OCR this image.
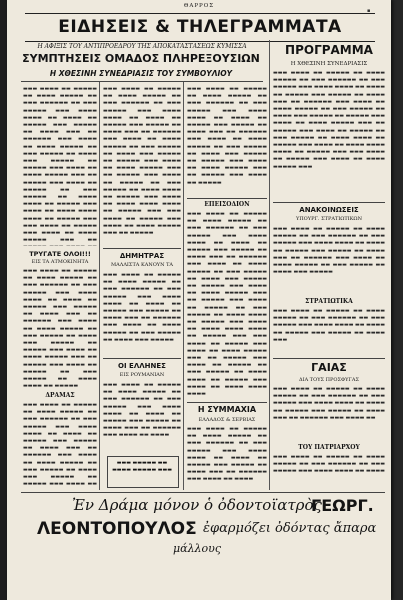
ΘΑΡΡΟΣ
▪
ΕΙΔΗΣΕΙΣ & ΤΗΛΕΓΡΑΜΜΑΤΑ
Η ΑΦΙΞΙΣ ΤΟΥ ΑΝΤΙΠΡΟΕΔΡΟΥ ΤΗΣ ΑΠΟΚΑΤΑΣΤΑΣΕΩΣ ΚΥΜΙΣΣΑ
ΣΥΜΠΤΗΣΕΙΣ ΟΜΑΔΟΣ ΠΛΗΡΕΞΟΥΣΙΩΝ
Η ΧΘΕΣΙΝΗ ΣΥΝΕΔΡΙΑΣΙΣ ΤΟΥ ΣΥΜΒΟΥΛΙΟΥ
ΠΡΟΓΡΑΜΜΑ
Η ΧΘΕΣΙΝΗ ΣΥΝΕΔΡΙΑΣΙΣ
▬▬▬ ▬▬▬▬ ▬▬ ▬▬▬▬▬ ▬▬ ▬▬▬▬ ▬▬▬▬▬ ▬▬ ▬▬▬ ▬▬▬▬▬▬ ▬▬ ▬▬▬ ▬▬▬▬▬ ▬▬▬ ▬▬▬▬ ▬▬▬▬ ▬▬ ▬▬▬▬ ▬▬ ▬▬▬▬▬ ▬▬▬ ▬▬▬▬▬ ▬▬ ▬▬▬▬ ▬▬▬ ▬▬ ▬▬▬▬▬▬ ▬▬▬ ▬▬▬▬ ▬▬ ▬▬▬▬ ▬▬▬▬▬ ▬▬ ▬▬▬ ▬▬▬▬▬ ▬▬ ▬▬▬▬ ▬▬▬ ▬▬▬▬▬ ▬▬ ▬▬▬▬▬ ▬▬▬ ▬▬▬▬ ▬▬ ▬▬▬▬ ▬▬▬▬▬ ▬▬▬ ▬▬ ▬▬▬▬▬ ▬▬▬ ▬▬▬▬ ▬▬ ▬▬▬▬▬ ▬▬ ▬▬▬ ▬▬▬▬▬ ▬▬ ▬▬▬▬ ▬▬▬▬ ▬▬ ▬▬▬▬▬ ▬▬▬ ▬▬▬▬ ▬▬ ▬▬▬▬ ▬▬▬▬ ▬▬▬▬ ▬▬ ▬▬▬▬▬ ▬▬▬ ▬▬▬ ▬▬▬▬ ▬▬ ▬▬▬▬▬ ▬▬▬ ▬▬▬▬ ▬▬ ▬▬▬▬ ▬▬▬▬▬ ▬▬▬ ▬▬
ΤΡΥΓΑΤΕ ΟΛΟΙ!!!
ΕΙΣ ΤΑ ΑΤΜΟΚΙΝΗΤΑ
▬▬▬ ▬▬▬▬ ▬▬ ▬▬▬▬▬ ▬▬ ▬▬▬▬ ▬▬▬▬▬ ▬▬ ▬▬▬ ▬▬▬▬▬▬ ▬▬ ▬▬▬ ▬▬▬▬▬ ▬▬▬ ▬▬▬▬ ▬▬▬▬ ▬▬ ▬▬▬▬ ▬▬ ▬▬▬▬▬ ▬▬▬ ▬▬▬▬▬ ▬▬ ▬▬▬▬ ▬▬▬ ▬▬ ▬▬▬▬▬▬ ▬▬▬ ▬▬▬▬ ▬▬ ▬▬▬▬ ▬▬▬▬▬ ▬▬ ▬▬▬ ▬▬▬▬▬ ▬▬ ▬▬▬▬ ▬▬▬ ▬▬▬▬▬ ▬▬ ▬▬▬▬▬ ▬▬▬ ▬▬▬▬ ▬▬ ▬▬▬▬ ▬▬▬▬▬ ▬▬▬ ▬▬ ▬▬▬▬▬ ▬▬▬ ▬▬▬▬ ▬▬ ▬▬▬▬▬ ▬▬ ▬▬▬ ▬▬▬▬▬ ▬▬ ▬▬▬▬ ▬▬▬▬ ▬▬ ▬▬▬▬▬
ΔΡΑΜΑΣ
▬▬▬ ▬▬▬▬ ▬▬ ▬▬▬▬▬ ▬▬ ▬▬▬▬ ▬▬▬▬▬ ▬▬ ▬▬▬ ▬▬▬▬▬▬ ▬▬ ▬▬▬ ▬▬▬▬▬ ▬▬▬ ▬▬▬▬ ▬▬▬▬ ▬▬ ▬▬▬▬ ▬▬ ▬▬▬▬▬ ▬▬▬ ▬▬▬▬▬ ▬▬ ▬▬▬▬ ▬▬▬ ▬▬ ▬▬▬▬▬▬ ▬▬▬ ▬▬▬▬ ▬▬ ▬▬▬▬ ▬▬▬▬▬ ▬▬ ▬▬▬ ▬▬▬▬▬ ▬▬ ▬▬▬▬ ▬▬▬ ▬▬▬▬▬ ▬▬ ▬▬▬▬▬ ▬▬▬ ▬▬▬▬ ▬▬
▬▬▬ ▬▬▬▬ ▬▬ ▬▬▬▬▬ ▬▬ ▬▬▬▬ ▬▬▬▬▬ ▬▬ ▬▬▬ ▬▬▬▬▬▬ ▬▬ ▬▬▬ ▬▬▬▬▬ ▬▬▬ ▬▬▬▬ ▬▬▬▬ ▬▬ ▬▬▬▬ ▬▬ ▬▬▬▬▬ ▬▬▬ ▬▬▬▬▬ ▬▬ ▬▬▬▬ ▬▬▬ ▬▬ ▬▬▬▬▬▬ ▬▬▬ ▬▬▬▬ ▬▬ ▬▬▬▬ ▬▬▬▬▬ ▬▬ ▬▬▬ ▬▬▬▬▬ ▬▬ ▬▬▬▬ ▬▬▬ ▬▬▬▬▬ ▬▬ ▬▬▬▬▬ ▬▬▬ ▬▬▬▬ ▬▬ ▬▬▬▬ ▬▬▬▬▬ ▬▬▬ ▬▬ ▬▬▬▬▬ ▬▬▬ ▬▬▬▬ ▬▬ ▬▬▬▬▬ ▬▬ ▬▬▬ ▬▬▬▬▬ ▬▬ ▬▬▬▬ ▬▬▬▬ ▬▬ ▬▬▬▬▬ ▬▬▬ ▬▬▬▬ ▬▬ ▬▬▬▬ ▬▬▬▬ ▬▬▬▬ ▬▬ ▬▬▬▬▬ ▬▬▬ ▬▬▬ ▬▬▬▬ ▬▬ ▬▬▬▬▬ ▬▬▬ ▬▬▬▬ ▬▬ ▬▬▬▬ ▬▬▬▬▬ ▬▬▬ ▬▬ ▬▬▬▬▬
ΔΗΜΗΤΡΑΣ
ΜΑΛΛΙΣΤΑ ΚΑΝΟΥΝ ΤΑ
▬▬▬ ▬▬▬▬ ▬▬ ▬▬▬▬▬ ▬▬ ▬▬▬▬ ▬▬▬▬▬ ▬▬ ▬▬▬ ▬▬▬▬▬▬ ▬▬ ▬▬▬ ▬▬▬▬▬ ▬▬▬ ▬▬▬▬ ▬▬▬▬ ▬▬ ▬▬▬▬ ▬▬ ▬▬▬▬▬ ▬▬▬ ▬▬▬▬▬ ▬▬ ▬▬▬▬ ▬▬▬ ▬▬ ▬▬▬▬▬▬ ▬▬▬ ▬▬▬▬ ▬▬ ▬▬▬▬ ▬▬▬▬▬ ▬▬ ▬▬▬ ▬▬▬▬▬ ▬▬ ▬▬▬▬ ▬▬▬ ▬▬▬▬▬
ΟΙ ΕΛΛΗΝΕΣ
ΕΙΣ ΡΟΥΜΑΝΙΑΝ
▬▬▬ ▬▬▬▬ ▬▬ ▬▬▬▬▬ ▬▬ ▬▬▬▬ ▬▬▬▬▬ ▬▬ ▬▬▬ ▬▬▬▬▬▬ ▬▬ ▬▬▬ ▬▬▬▬▬ ▬▬▬ ▬▬▬▬ ▬▬▬▬ ▬▬ ▬▬▬▬ ▬▬ ▬▬▬▬▬ ▬▬▬ ▬▬▬▬▬ ▬▬ ▬▬▬▬ ▬▬▬ ▬▬ ▬▬▬▬▬▬ ▬▬▬ ▬▬▬▬ ▬▬ ▬▬▬▬
▬▬▬ ▬▬▬▬▬ ▬▬ ▬▬▬▬ ▬▬▬▬▬ ▬▬▬
▬▬▬ ▬▬▬▬ ▬▬ ▬▬▬▬▬ ▬▬ ▬▬▬▬ ▬▬▬▬▬ ▬▬ ▬▬▬ ▬▬▬▬▬▬ ▬▬ ▬▬▬ ▬▬▬▬▬ ▬▬▬ ▬▬▬▬ ▬▬▬▬ ▬▬ ▬▬▬▬ ▬▬ ▬▬▬▬▬ ▬▬▬ ▬▬▬▬▬ ▬▬ ▬▬▬▬ ▬▬▬ ▬▬ ▬▬▬▬▬▬ ▬▬▬ ▬▬▬▬ ▬▬ ▬▬▬▬ ▬▬▬▬▬ ▬▬ ▬▬▬ ▬▬▬▬▬ ▬▬ ▬▬▬▬ ▬▬▬ ▬▬▬▬▬ ▬▬ ▬▬▬▬▬ ▬▬▬ ▬▬▬▬ ▬▬ ▬▬▬▬ ▬▬▬▬▬ ▬▬▬ ▬▬ ▬▬▬▬▬ ▬▬▬ ▬▬▬▬ ▬▬ ▬▬▬▬▬
ΕΠΕΙΣΟΔΙΟΝ
▬▬▬ ▬▬▬▬ ▬▬ ▬▬▬▬▬ ▬▬ ▬▬▬▬ ▬▬▬▬▬ ▬▬ ▬▬▬ ▬▬▬▬▬▬ ▬▬ ▬▬▬ ▬▬▬▬▬ ▬▬▬ ▬▬▬▬ ▬▬▬▬ ▬▬ ▬▬▬▬ ▬▬ ▬▬▬▬▬ ▬▬▬ ▬▬▬▬▬ ▬▬ ▬▬▬▬ ▬▬▬ ▬▬ ▬▬▬▬▬▬ ▬▬▬ ▬▬▬▬ ▬▬ ▬▬▬▬ ▬▬▬▬▬ ▬▬ ▬▬▬ ▬▬▬▬▬ ▬▬ ▬▬▬▬ ▬▬▬ ▬▬▬▬▬ ▬▬ ▬▬▬▬▬ ▬▬▬ ▬▬▬▬ ▬▬ ▬▬▬▬ ▬▬▬▬▬ ▬▬▬ ▬▬ ▬▬▬▬▬ ▬▬▬ ▬▬▬▬ ▬▬ ▬▬▬▬▬ ▬▬ ▬▬▬ ▬▬▬▬▬ ▬▬ ▬▬▬▬ ▬▬▬▬ ▬▬ ▬▬▬▬▬ ▬▬▬ ▬▬▬▬ ▬▬ ▬▬▬▬ ▬▬▬▬ ▬▬▬▬ ▬▬ ▬▬▬▬▬ ▬▬▬ ▬▬▬ ▬▬▬▬ ▬▬ ▬▬▬▬▬ ▬▬▬ ▬▬▬▬ ▬▬ ▬▬▬▬ ▬▬▬▬▬ ▬▬▬ ▬▬ ▬▬▬▬▬ ▬▬▬ ▬▬▬▬ ▬▬ ▬▬▬▬▬ ▬▬ ▬▬▬ ▬▬▬▬▬ ▬▬ ▬▬▬▬ ▬▬▬▬ ▬▬ ▬▬▬▬▬ ▬▬▬ ▬▬▬▬ ▬▬ ▬▬▬▬ ▬▬▬▬ ▬▬▬▬
Η ΣΥΜΜΑΧΙΑ
ΕΛΛΑΔΟΣ & ΣΕΡΒΙΑΣ
▬▬▬ ▬▬▬▬ ▬▬ ▬▬▬▬▬ ▬▬ ▬▬▬▬ ▬▬▬▬▬ ▬▬ ▬▬▬ ▬▬▬▬▬▬ ▬▬ ▬▬▬ ▬▬▬▬▬ ▬▬▬ ▬▬▬▬ ▬▬▬▬ ▬▬ ▬▬▬▬ ▬▬ ▬▬▬▬▬ ▬▬▬ ▬▬▬▬▬ ▬▬ ▬▬▬▬ ▬▬▬ ▬▬ ▬▬▬▬▬▬ ▬▬▬ ▬▬▬▬ ▬▬ ▬▬▬▬
▬▬▬ ▬▬▬▬ ▬▬ ▬▬▬▬▬ ▬▬ ▬▬▬▬ ▬▬▬▬▬ ▬▬ ▬▬▬ ▬▬▬▬▬▬ ▬▬ ▬▬▬ ▬▬▬▬▬ ▬▬▬ ▬▬▬▬ ▬▬▬▬ ▬▬ ▬▬▬▬ ▬▬ ▬▬▬▬▬ ▬▬▬ ▬▬▬▬▬ ▬▬ ▬▬▬▬ ▬▬▬ ▬▬ ▬▬▬▬▬▬ ▬▬▬ ▬▬▬▬ ▬▬ ▬▬▬▬ ▬▬▬▬▬ ▬▬ ▬▬▬ ▬▬▬▬▬ ▬▬ ▬▬▬▬ ▬▬▬ ▬▬▬▬▬ ▬▬ ▬▬▬▬▬ ▬▬▬ ▬▬▬▬ ▬▬ ▬▬▬▬ ▬▬▬▬▬ ▬▬▬ ▬▬ ▬▬▬▬▬ ▬▬▬ ▬▬▬▬ ▬▬ ▬▬▬▬▬ ▬▬ ▬▬▬ ▬▬▬▬▬ ▬▬ ▬▬▬▬ ▬▬▬▬ ▬▬ ▬▬▬▬▬ ▬▬▬ ▬▬▬▬ ▬▬ ▬▬▬▬ ▬▬▬▬ ▬▬▬▬ ▬▬ ▬▬▬▬▬ ▬▬▬ ▬▬▬ ▬▬▬▬ ▬▬ ▬▬▬▬▬ ▬▬▬ ▬▬▬▬ ▬▬ ▬▬▬▬ ▬▬▬▬▬ ▬▬▬
ΑΝΑΚΟΙΝΩΣΕΙΣ
ΥΠΟΥΡΓ. ΣΤΡΑΤΙΩΤΙΚΩΝ
▬▬▬ ▬▬▬▬ ▬▬ ▬▬▬▬▬ ▬▬ ▬▬▬▬ ▬▬▬▬▬ ▬▬ ▬▬▬ ▬▬▬▬▬▬ ▬▬ ▬▬▬ ▬▬▬▬▬ ▬▬▬ ▬▬▬▬ ▬▬▬▬ ▬▬ ▬▬▬▬ ▬▬ ▬▬▬▬▬ ▬▬▬ ▬▬▬▬▬ ▬▬ ▬▬▬▬ ▬▬▬ ▬▬ ▬▬▬▬▬▬ ▬▬▬ ▬▬▬▬ ▬▬ ▬▬▬▬ ▬▬▬▬▬ ▬▬ ▬▬▬ ▬▬▬▬▬ ▬▬ ▬▬▬▬ ▬▬▬ ▬▬▬▬▬
ΣΤΡΑΤΙΩΤΙΚΑ
▬▬▬ ▬▬▬▬ ▬▬ ▬▬▬▬▬ ▬▬ ▬▬▬▬ ▬▬▬▬▬ ▬▬ ▬▬▬ ▬▬▬▬▬▬ ▬▬ ▬▬▬ ▬▬▬▬▬ ▬▬▬ ▬▬▬▬ ▬▬▬▬ ▬▬ ▬▬▬▬ ▬▬ ▬▬▬▬▬ ▬▬▬ ▬▬▬▬▬ ▬▬ ▬▬▬▬ ▬▬▬
ΓΑΙΑΣ
ΔΙΑ ΤΟΥΣ ΠΡΟΣΦΥΓΑΣ
▬▬▬ ▬▬▬▬ ▬▬ ▬▬▬▬▬ ▬▬ ▬▬▬▬ ▬▬▬▬▬ ▬▬ ▬▬▬ ▬▬▬▬▬▬ ▬▬ ▬▬▬ ▬▬▬▬▬ ▬▬▬ ▬▬▬▬ ▬▬▬▬ ▬▬ ▬▬▬▬ ▬▬ ▬▬▬▬▬ ▬▬▬ ▬▬▬▬▬ ▬▬ ▬▬▬▬ ▬▬▬ ▬▬ ▬▬▬▬▬▬ ▬▬▬ ▬▬▬▬ ▬▬
ΤΟΥ ΠΑΤΡΙΑΡΧΟΥ
▬▬▬ ▬▬▬▬ ▬▬ ▬▬▬▬▬ ▬▬ ▬▬▬▬ ▬▬▬▬▬ ▬▬ ▬▬▬ ▬▬▬▬▬▬ ▬▬ ▬▬▬ ▬▬▬▬▬ ▬▬▬ ▬▬▬▬ ▬▬▬▬ ▬▬ ▬▬▬▬
Ἐν Δράμα μόνον ὁ ὀδοντοϊατρὸς
ΓΕΩΡΓ.
ΛΕΟΝΤΟΠΟΥΛΟΣ ἐφαρμόζει ὀδόντας ἄπαρα
μάλλους
